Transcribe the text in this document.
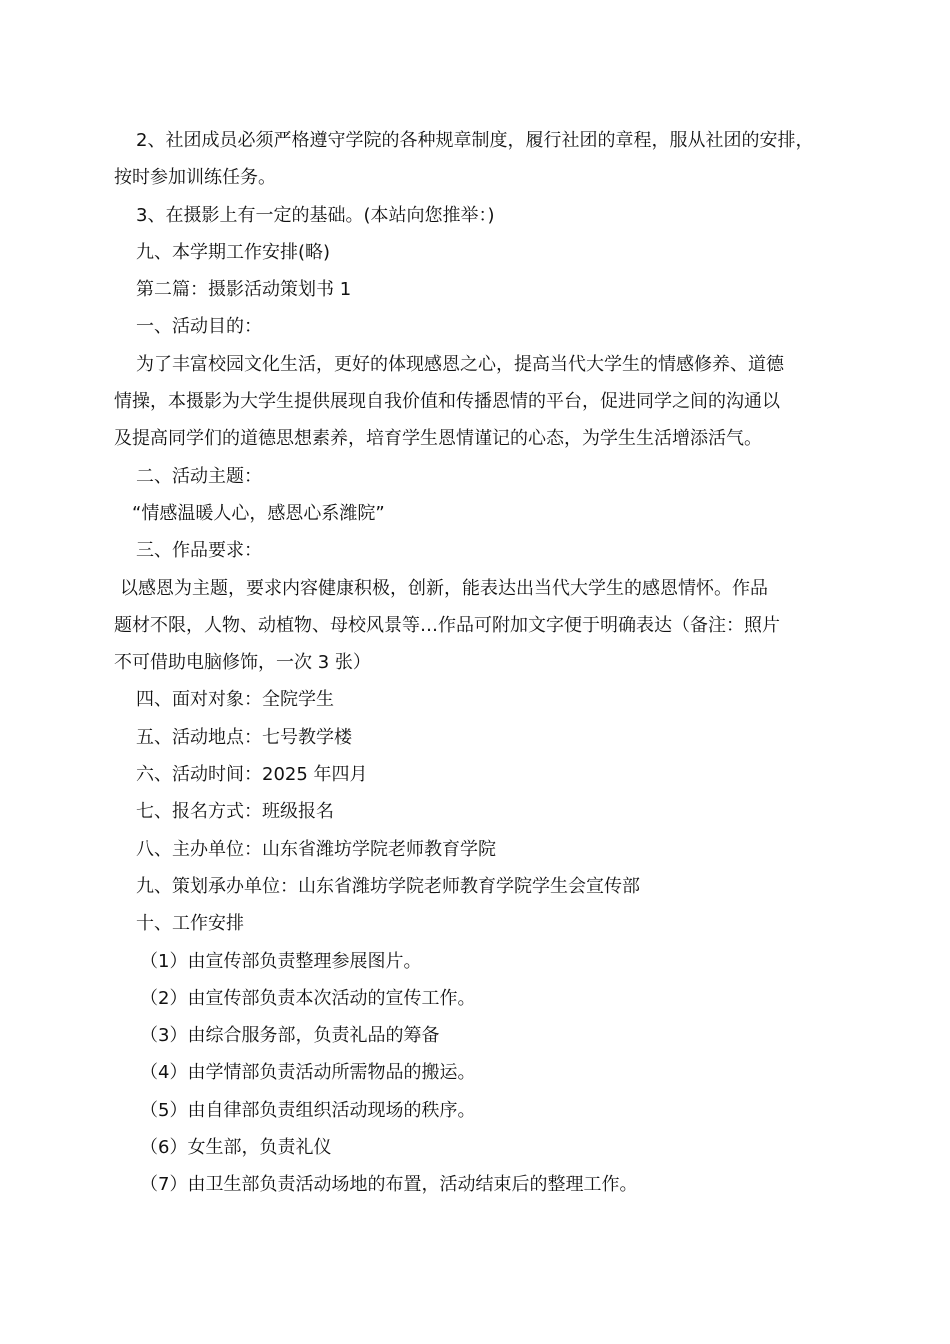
2、社团成员必须严格遵守学院的各种规章制度，履行社团的章程，服从社团的安排，
按时参加训练任务。
3、在摄影上有一定的基础。(本站向您推举：)
九、本学期工作安排(略)
第二篇：摄影活动策划书 1
一、活动目的：
为了丰富校园文化生活，更好的体现感恩之心，提高当代大学生的情感修养、道德
情操，本摄影为大学生提供展现自我价值和传播恩情的平台，促进同学之间的沟通以
及提高同学们的道德思想素养，培育学生恩情谨记的心态，为学生生活增添活气。
二、活动主题：
“情感温暖人心，感恩心系潍院”
三、作品要求：
以感恩为主题，要求内容健康积极，创新，能表达出当代大学生的感恩情怀。作品
题材不限，人物、动植物、母校风景等…作品可附加文字便于明确表达（备注：照片
不可借助电脑修饰，一次 3 张）
四、面对对象：全院学生
五、活动地点：七号教学楼
六、活动时间：2025 年四月
七、报名方式：班级报名
八、主办单位：山东省潍坊学院老师教育学院
九、策划承办单位：山东省潍坊学院老师教育学院学生会宣传部
十、工作安排
（1）由宣传部负责整理参展图片。
（2）由宣传部负责本次活动的宣传工作。
（3）由综合服务部，负责礼品的筹备
（4）由学情部负责活动所需物品的搬运。
（5）由自律部负责组织活动现场的秩序。
（6）女生部，负责礼仪
（7）由卫生部负责活动场地的布置，活动结束后的整理工作。
